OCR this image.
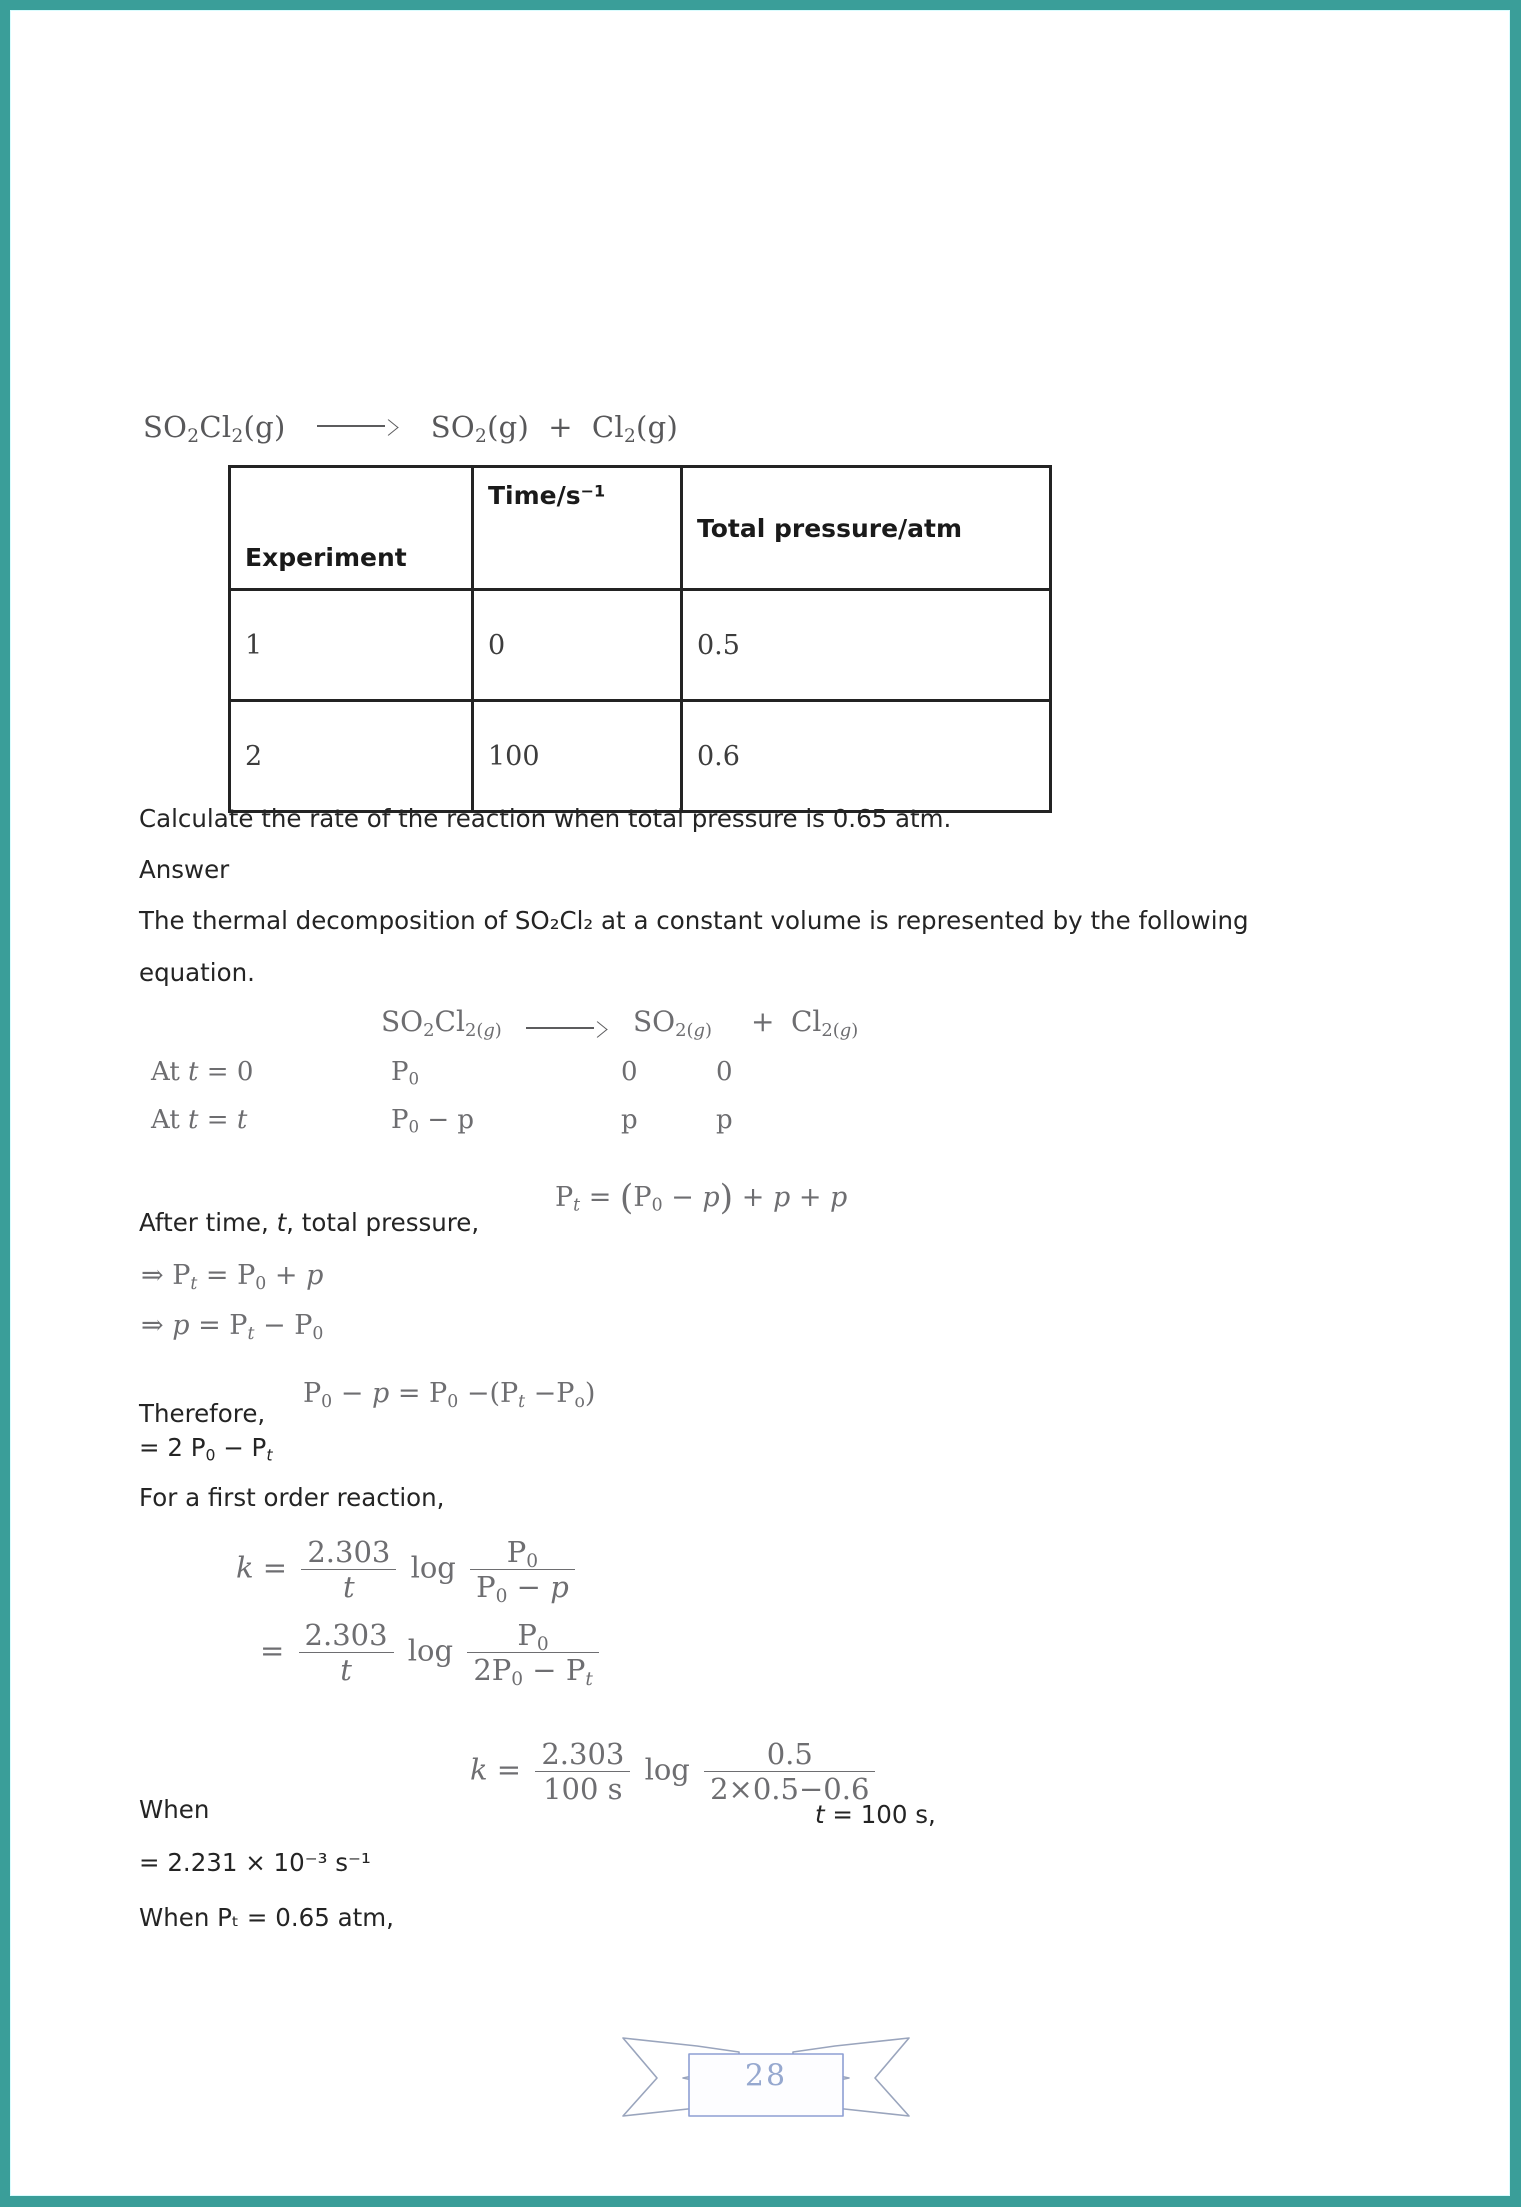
$SO_2Cl_2(g)$	$SO_2(g) + Cl_2(g)$
Experiment	Time/$s^{-1}$	Total pressure/atm
1	0	0.5
2	100	0.6
Calculate the rate of the reaction when total pressure is 0.65 atm.
Answer
The thermal decomposition of SO₂Cl₂ at a constant volume is represented by the following
equation.
$SO_2Cl_{2(g)}$	$SO_{2(g)} + Cl_{2(g)}$
At t = 0	$P_0$	0	0
At t = t	$P_0 - p$	p	p
After time, t, total pressure,
$P_t = (P_0 - p) + p + p$
⇒ $P_t = P_0 + p$
⇒ $p = P_t - P_0$
Therefore,
$P_0 - p = P_0 -(P_t -P_o)$
= 2 $P_0 - P_t$
For a first order reaction,
$k = \frac{2.303}{t}$ $\log \frac{P_0}{P_0 - p}$
= $\frac{2.303}{t}$ $\log \frac{P_0}{2P_0 - P_t}$
$k = \frac{2.303}{100 s}$ $\log \frac{0.5}{2\times 0.5-0.6}$
When	t = 100 s,
= 2.231 × 10⁻³ s⁻¹
When Pₜ = 0.65 atm,
28
